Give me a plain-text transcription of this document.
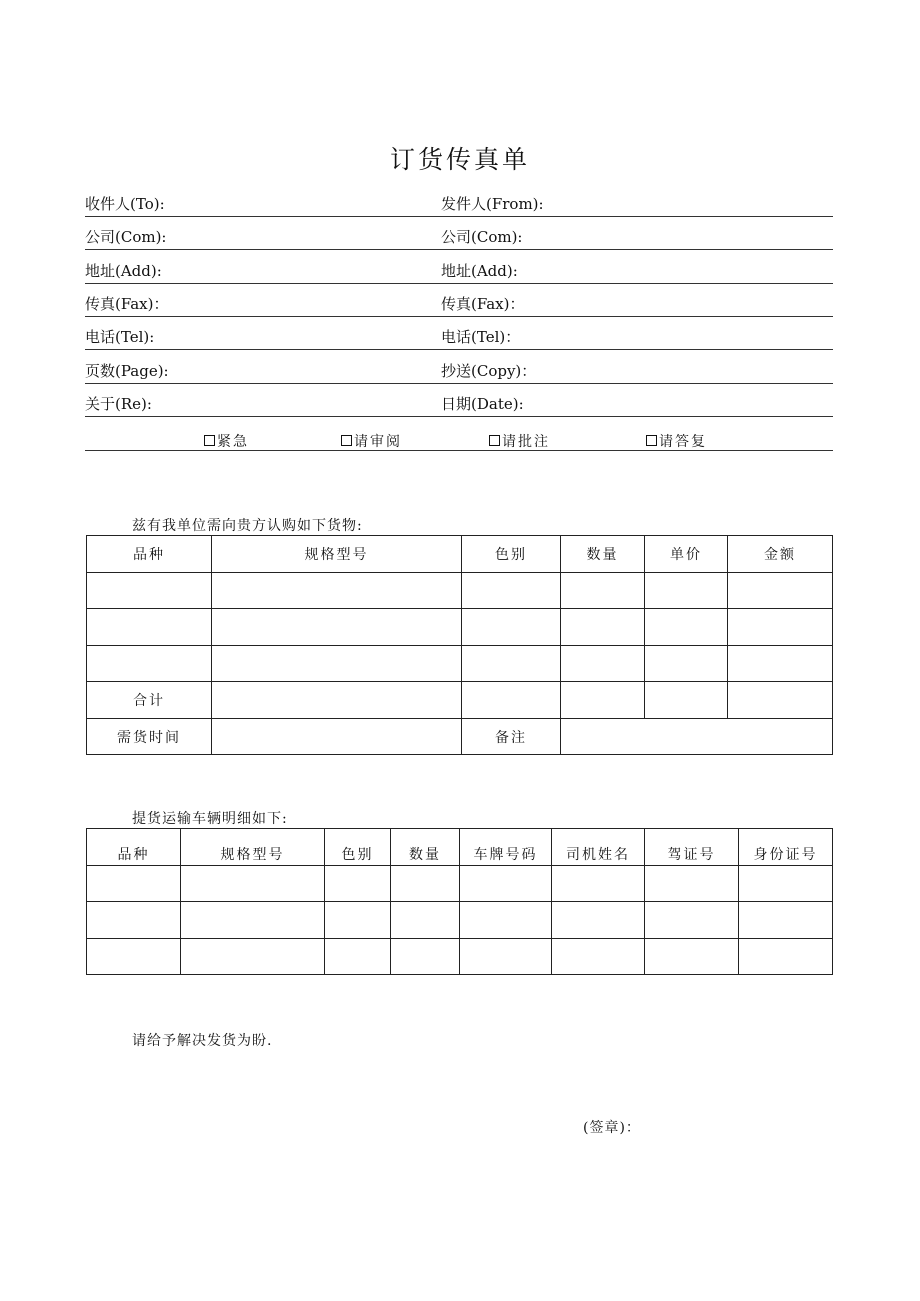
订货传真单
收件人(To):	发件人(From):
公司(Com):	公司(Com):
地址(Add):	地址(Add):
传真(Fax)：	传真(Fax)：
电话(Tel):	电话(Tel)：
页数(Page):	抄送(Copy)：
关于(Re):	日期(Date):
紧急	请审阅	请批注	请答复
兹有我单位需向贵方认购如下货物:
品种	规格型号	色别	数量	单价	金额

合计					
需货时间		备注			
提货运输车辆明细如下:
品种	规格型号	色别	数量	车牌号码	司机姓名	驾证号	身份证号

请给予解决发货为盼.
(签章)：
